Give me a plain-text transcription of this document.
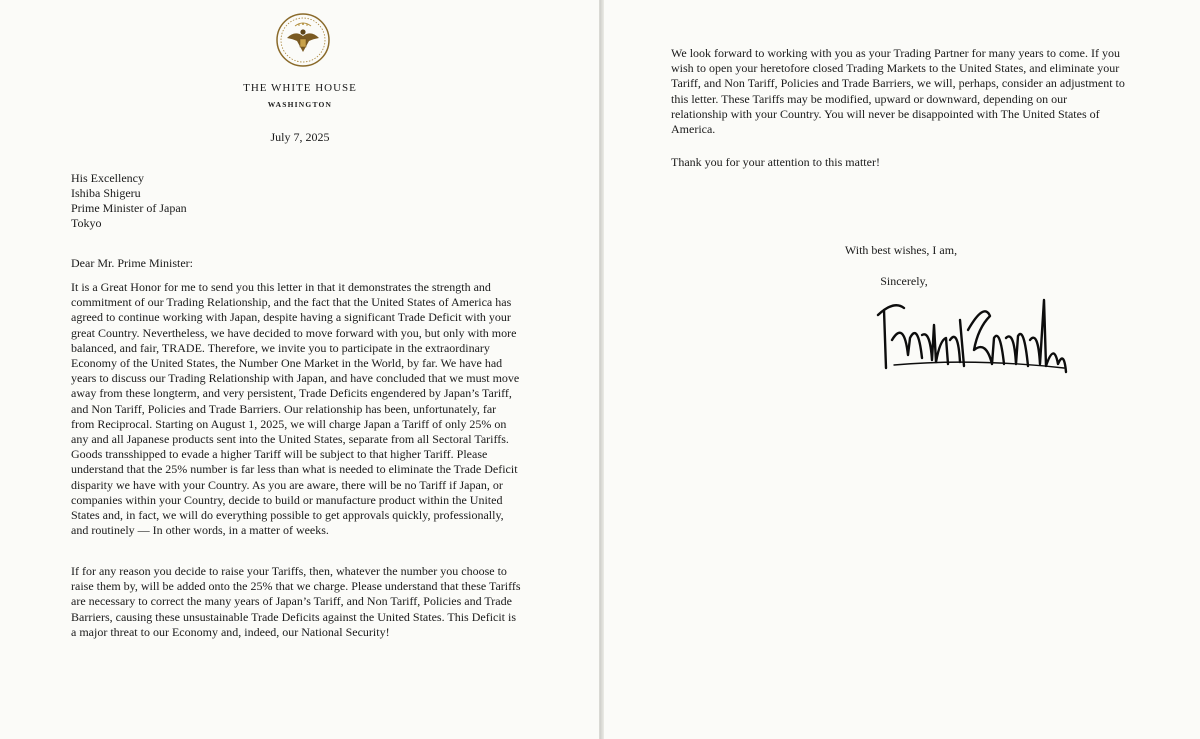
THE WHITE HOUSE
WASHINGTON
July 7, 2025
His Excellency
Ishiba Shigeru
Prime Minister of Japan
Tokyo
Dear Mr. Prime Minister:

It is a Great Honor for me to send you this letter in that it demonstrates the strength and commitment of our Trading Relationship, and the fact that the United States of America has agreed to continue working with Japan, despite having a significant Trade Deficit with your great Country. Nevertheless, we have decided to move forward with you, but only with more balanced, and fair, TRADE. Therefore, we invite you to participate in the extraordinary Economy of the United States, the Number One Market in the World, by far. We have had years to discuss our Trading Relationship with Japan, and have concluded that we must move away from these longterm, and very persistent, Trade Deficits engendered by Japan’s Tariff, and Non Tariff, Policies and Trade Barriers. Our relationship has been, unfortunately, far from Reciprocal. Starting on August 1, 2025, we will charge Japan a Tariff of only 25% on any and all Japanese products sent into the United States, separate from all Sectoral Tariffs. Goods transshipped to evade a higher Tariff will be subject to that higher Tariff. Please understand that the 25% number is far less than what is needed to eliminate the Trade Deficit disparity we have with your Country. As you are aware, there will be no Tariff if Japan, or companies within your Country, decide to build or manufacture product within the United States and, in fact, we will do everything possible to get approvals quickly, professionally, and routinely — In other words, in a matter of weeks.

If for any reason you decide to raise your Tariffs, then, whatever the number you choose to raise them by, will be added onto the 25% that we charge. Please understand that these Tariffs are necessary to correct the many years of Japan’s Tariff, and Non Tariff, Policies and Trade Barriers, causing these unsustainable Trade Deficits against the United States. This Deficit is a major threat to our Economy and, indeed, our National Security!

We look forward to working with you as your Trading Partner for many years to come. If you wish to open your heretofore closed Trading Markets to the United States, and eliminate your Tariff, and Non Tariff, Policies and Trade Barriers, we will, perhaps, consider an adjustment to this letter. These Tariffs may be modified, upward or downward, depending on our relationship with your Country. You will never be disappointed with The United States of America.

Thank you for your attention to this matter!

With best wishes, I am,
Sincerely,
